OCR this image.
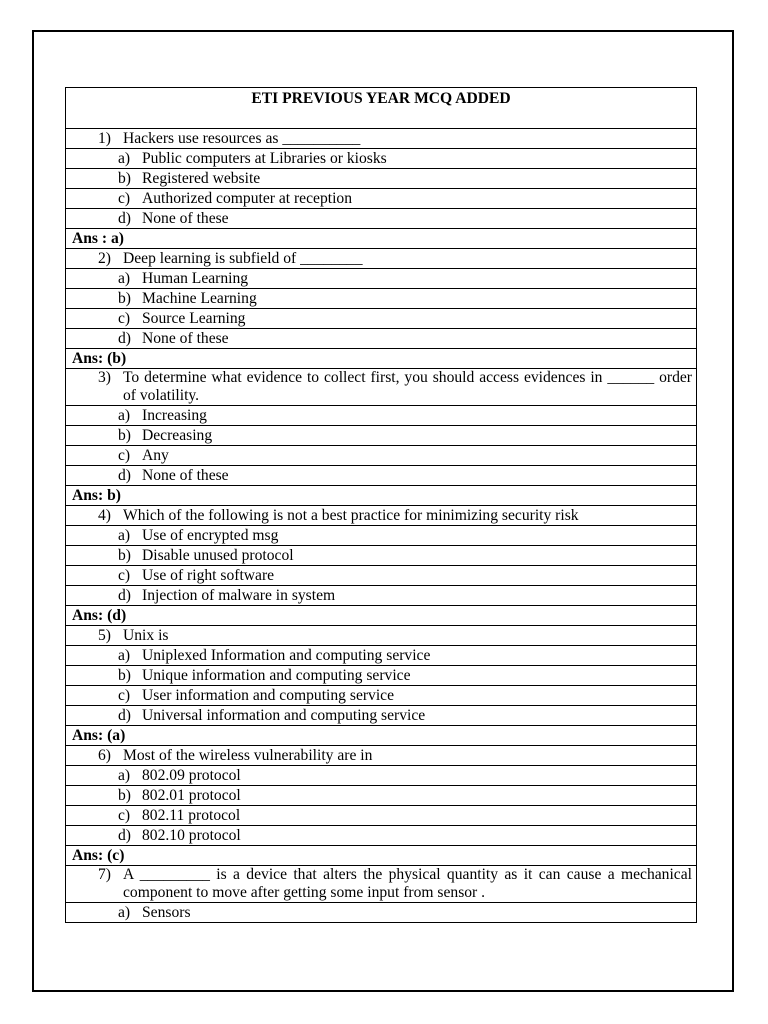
ETI PREVIOUS YEAR MCQ ADDED

1) Hackers use resources as __________

a) Public computers at Libraries or kiosks

b) Registered website

c) Authorized computer at reception

d) None of these

Ans : a)

2) Deep learning is subfield of ________

a) Human Learning

b) Machine Learning

c) Source Learning

d) None of these

Ans: (b)

3) To determine what evidence to collect first, you should access evidences in ______ order of volatility.

a) Increasing

b) Decreasing

c) Any

d) None of these

Ans: b)

4) Which of the following is not a best practice for minimizing security risk

a) Use of encrypted msg

b) Disable unused protocol

c) Use of right software

d) Injection of malware in system

Ans: (d)

5) Unix is

a) Uniplexed Information and computing service

b) Unique information and computing service

c) User information and computing service

d) Universal information and computing service

Ans: (a)

6) Most of the wireless vulnerability are in

a) 802.09 protocol

b) 802.01 protocol

c) 802.11 protocol

d) 802.10 protocol

Ans: (c)

7) A _________ is a device that alters the physical quantity as it can cause a mechanical component to move after getting some input from sensor .

a) Sensors
